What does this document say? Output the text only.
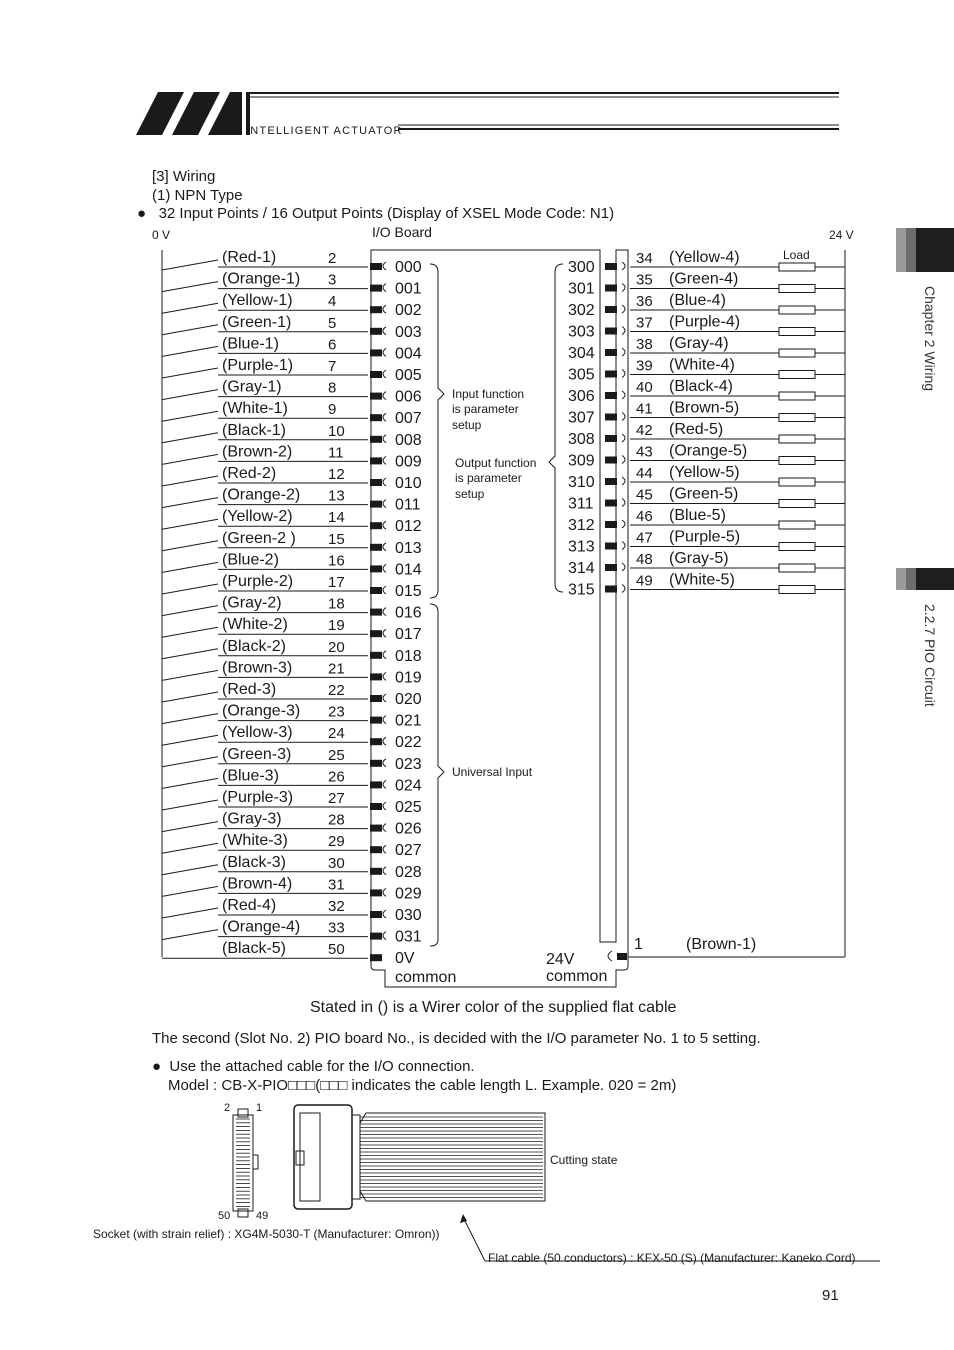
INTELLIGENT ACTUATOR
Chapter 2 Wiring
2.2.7 PIO Circuit
[3] Wiring
(1) NPN Type
●   32 Input Points / 16 Output Points (Display of XSEL Mode Code: N1)
0 V	I/O Board	24 V
Load
Input function
is parameter
setup
Output function
is parameter
setup
Universal Input
(Red-1)	2
000
(Orange-1) 3
001
(Yellow-1) 4
002
(Green-1) 5
003
(Blue-1)	6
004
(Purple-1) 7
005
(Gray-1)	8
006
(White-1)	9
007
(Black-1)	10
008
(Brown-2) 11
009
(Red-2)	12
010
(Orange-2) 13
011
(Yellow-2) 14
012
(Green-2 ) 15
013
(Blue-2)	16
014
(Purple-2) 17
015
(Gray-2)	18
016
(White-2)	19
017
(Black-2)	20
018
(Brown-3) 21
019
(Red-3)	22
020
(Orange-3) 23
021
(Yellow-3) 24
022
(Green-3) 25
023
(Blue-3)	26
024
(Purple-3) 27
025
(Gray-3)	28
026
(White-3)	29
027
(Black-3)	30
028
(Brown-4) 31
029
(Red-4)	32
030
(Orange-4) 33
031
(Black-5)	50
0V
common
300
34 (Yellow-4)
301
35 (Green-4)
302
36 (Blue-4)
303
37 (Purple-4)
304
38 (Gray-4)
305
39 (White-4)
306
40 (Black-4)
307
41 (Brown-5)
308
42 (Red-5)
309
43 (Orange-5)
310
44 (Yellow-5)
311
45 (Green-5)
312
46 (Blue-5)
313
47 (Purple-5)
314
48 (Gray-5)
315
49 (White-5)
24V
common
1	(Brown-1)
Stated in () is a Wirer color of the supplied flat cable
The second (Slot No. 2) PIO board No., is decided with the I/O parameter No. 1 to 5 setting.
●  Use the attached cable for the I/O connection.
Model : CB-X-PIO□□□(□□□ indicates the cable length L. Example. 020 = 2m)
2 1
50 49
Cutting state
Socket (with strain relief) : XG4M-5030-T (Manufacturer: Omron))
Flat cable (50 conductors) : KFX-50 (S) (Manufacturer: Kaneko Cord)
91
